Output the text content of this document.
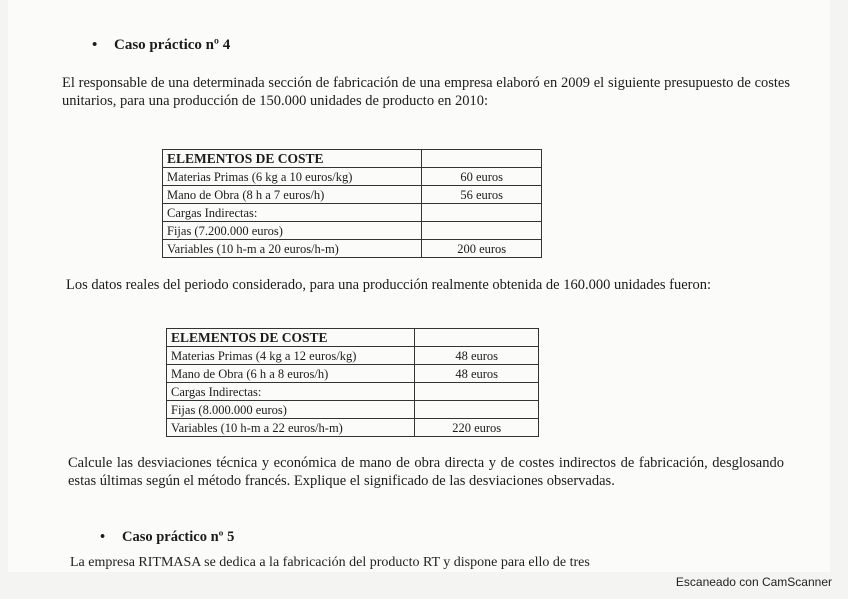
• Caso práctico nº 4
El responsable de una determinada sección de fabricación de una empresa elaboró en 2009 el siguiente presupuesto de costes unitarios, para una producción de 150.000 unidades de producto en 2010:
ELEMENTOS DE COSTE	
Materias Primas (6 kg a 10 euros/kg)	60 euros
Mano de Obra (8 h a 7 euros/h)	56 euros
Cargas Indirectas:	
Fijas (7.200.000 euros)	
Variables (10 h-m a 20 euros/h-m)	200 euros
Los datos reales del periodo considerado, para una producción realmente obtenida de 160.000 unidades fueron:
ELEMENTOS DE COSTE	
Materias Primas (4 kg a 12 euros/kg)	48 euros
Mano de Obra (6 h a 8 euros/h)	48 euros
Cargas Indirectas:	
Fijas (8.000.000 euros)	
Variables (10 h-m a 22 euros/h-m)	220 euros
Calcule las desviaciones técnica y económica de mano de obra directa y de costes indirectos de fabricación, desglosando estas últimas según el método francés. Explique el significado de las desviaciones observadas.
• Caso práctico nº 5
La empresa RITMASA se dedica a la fabricación del producto RT y dispone para ello de tres
Escaneado con CamScanner
